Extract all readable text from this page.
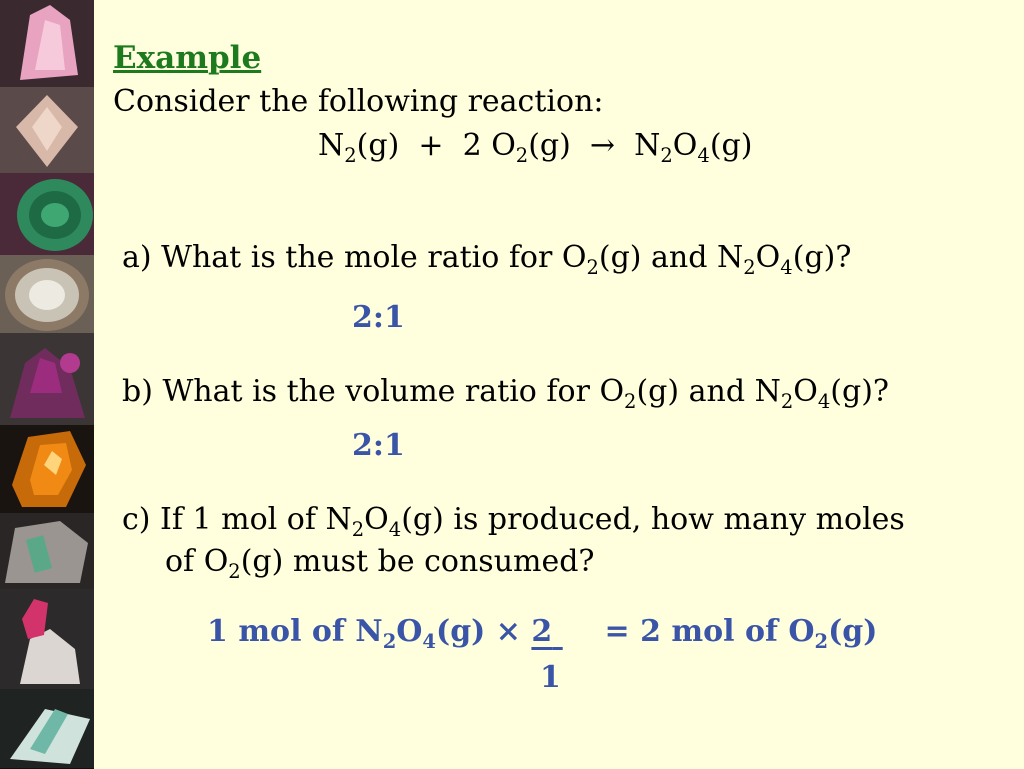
Example
Consider the following reaction:
$N_2(g) + 2$ $O_2(g) \to N_2O_4(g)$
a) What is the mole ratio for $O_2(g)$ and $N_2O_4(g)$?
2:1
b) What is the volume ratio for $O_2(g)$ and $N_2O_4(g)$?
2:1
c) If 1 mol of $N_2O_4(g)$ is produced, how many moles
of $O_2(g)$ must be consumed?
1 mol of $N_2O_4(g) \times 2$     = 2 mol of $O_2(g)$
1
